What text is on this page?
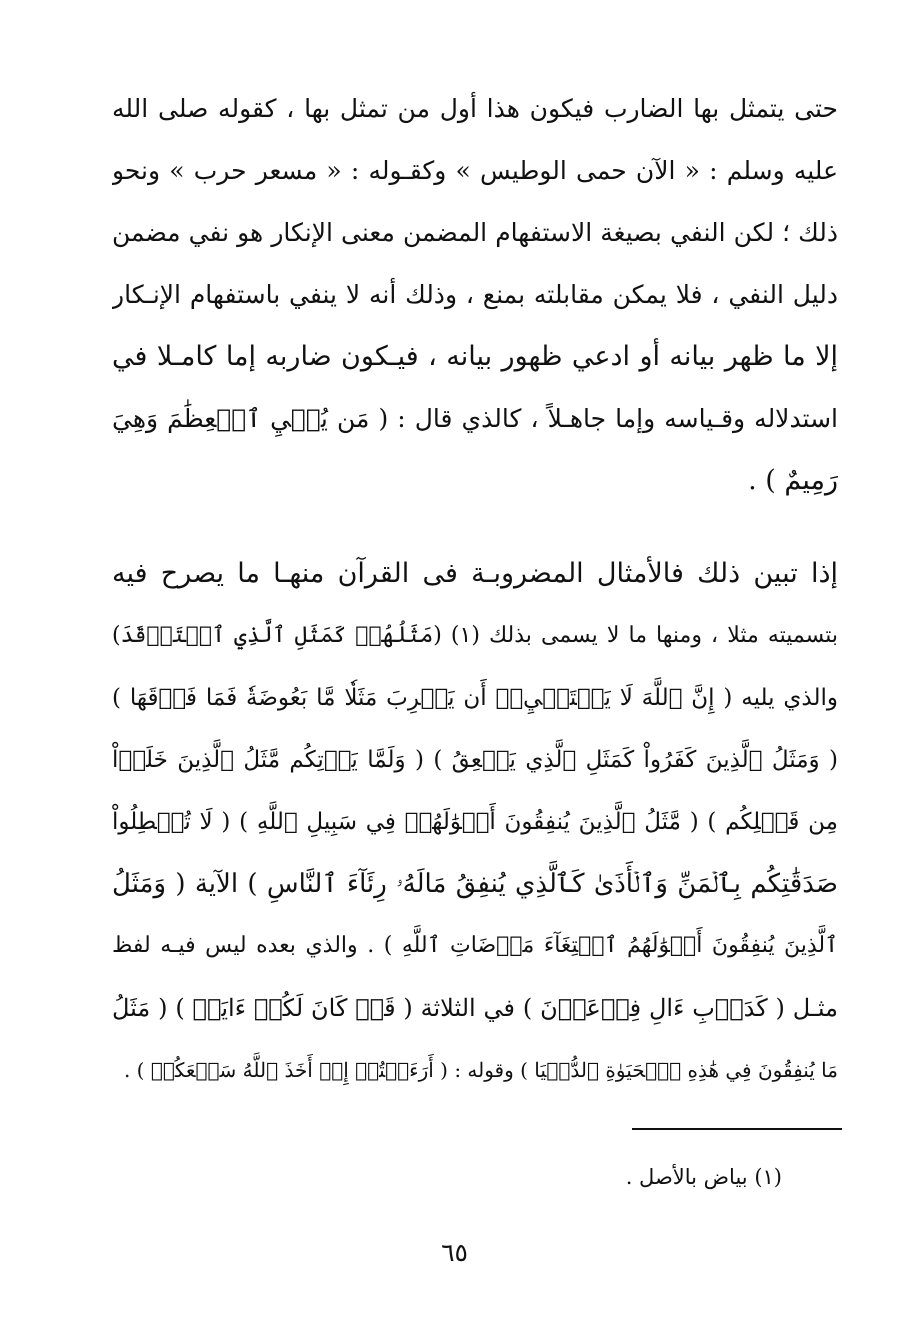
حتى يتمثل بها الضارب فيكون هذا أول من تمثل بها ، كقوله صلى الله
عليه وسلم : « الآن حمى الوطيس » وكقـوله : « مسعر حرب » ونحو
ذلك ؛ لكن النفي بصيغة الاستفهام المضمن معنى الإنكار هو نفي مضمن
دليل النفي ، فلا يمكن مقابلته بمنع ، وذلك أنه لا ينفي باستفهام الإنـكار
إلا ما ظهر بيانه أو ادعي ظهور بيانه ، فيـكون ضاربه إما كامـلا في
استدلاله وقـياسه وإما جاهـلاً ، كالذي قال : ( مَن يُحۡيِ ٱلۡعِظَٰمَ وَهِيَ
رَمِيمٌ ) .
إذا تبين ذلك فالأمثال المضروبـة فى القرآن منهـا ما يصرح فيه
بتسميته مثلا ، ومنها ما لا يسمى بذلك (١) (مَثَلُهُمۡ كَمَثَلِ ٱلَّذِي ٱسۡتَوۡقَدَ)
والذي يليه ( إِنَّ ٱللَّهَ لَا يَسۡتَحۡيِۦٓ أَن يَضۡرِبَ مَثَلٗا مَّا بَعُوضَةٗ فَمَا فَوۡقَهَا )
( وَمَثَلُ ٱلَّذِينَ كَفَرُواْ كَمَثَلِ ٱلَّذِي يَنۡعِقُ ) ( وَلَمَّا يَأۡتِكُم مَّثَلُ ٱلَّذِينَ خَلَوۡاْ
مِن قَبۡلِكُم ) ( مَّثَلُ ٱلَّذِينَ يُنفِقُونَ أَمۡوَٰلَهُمۡ فِي سَبِيلِ ٱللَّهِ ) ( لَا تُبۡطِلُواْ
صَدَقَٰتِكُم بِٱلۡمَنِّ وَٱلۡأَذَىٰ كَٱلَّذِي يُنفِقُ مَالَهُۥ رِئَآءَ ٱلنَّاسِ ) الآية ( وَمَثَلُ
ٱلَّذِينَ يُنفِقُونَ أَمۡوَٰلَهُمُ ٱبۡتِغَآءَ مَرۡضَاتِ ٱللَّهِ ) . والذي بعده ليس فيـه لفظ
مثـل ( كَدَأۡبِ ءَالِ فِرۡعَوۡنَ ) في الثلاثة ( قَدۡ كَانَ لَكُمۡ ءَايَةٞ ) ( مَثَلُ
مَا يُنفِقُونَ فِي هَٰذِهِ ٱلۡحَيَوٰةِ ٱلدُّنۡيَا ) وقوله : ( أَرَءَيۡتُمۡ إِنۡ أَخَذَ ٱللَّهُ سَمۡعَكُمۡ ) .
(١) بياض بالأصل .
٦٥
